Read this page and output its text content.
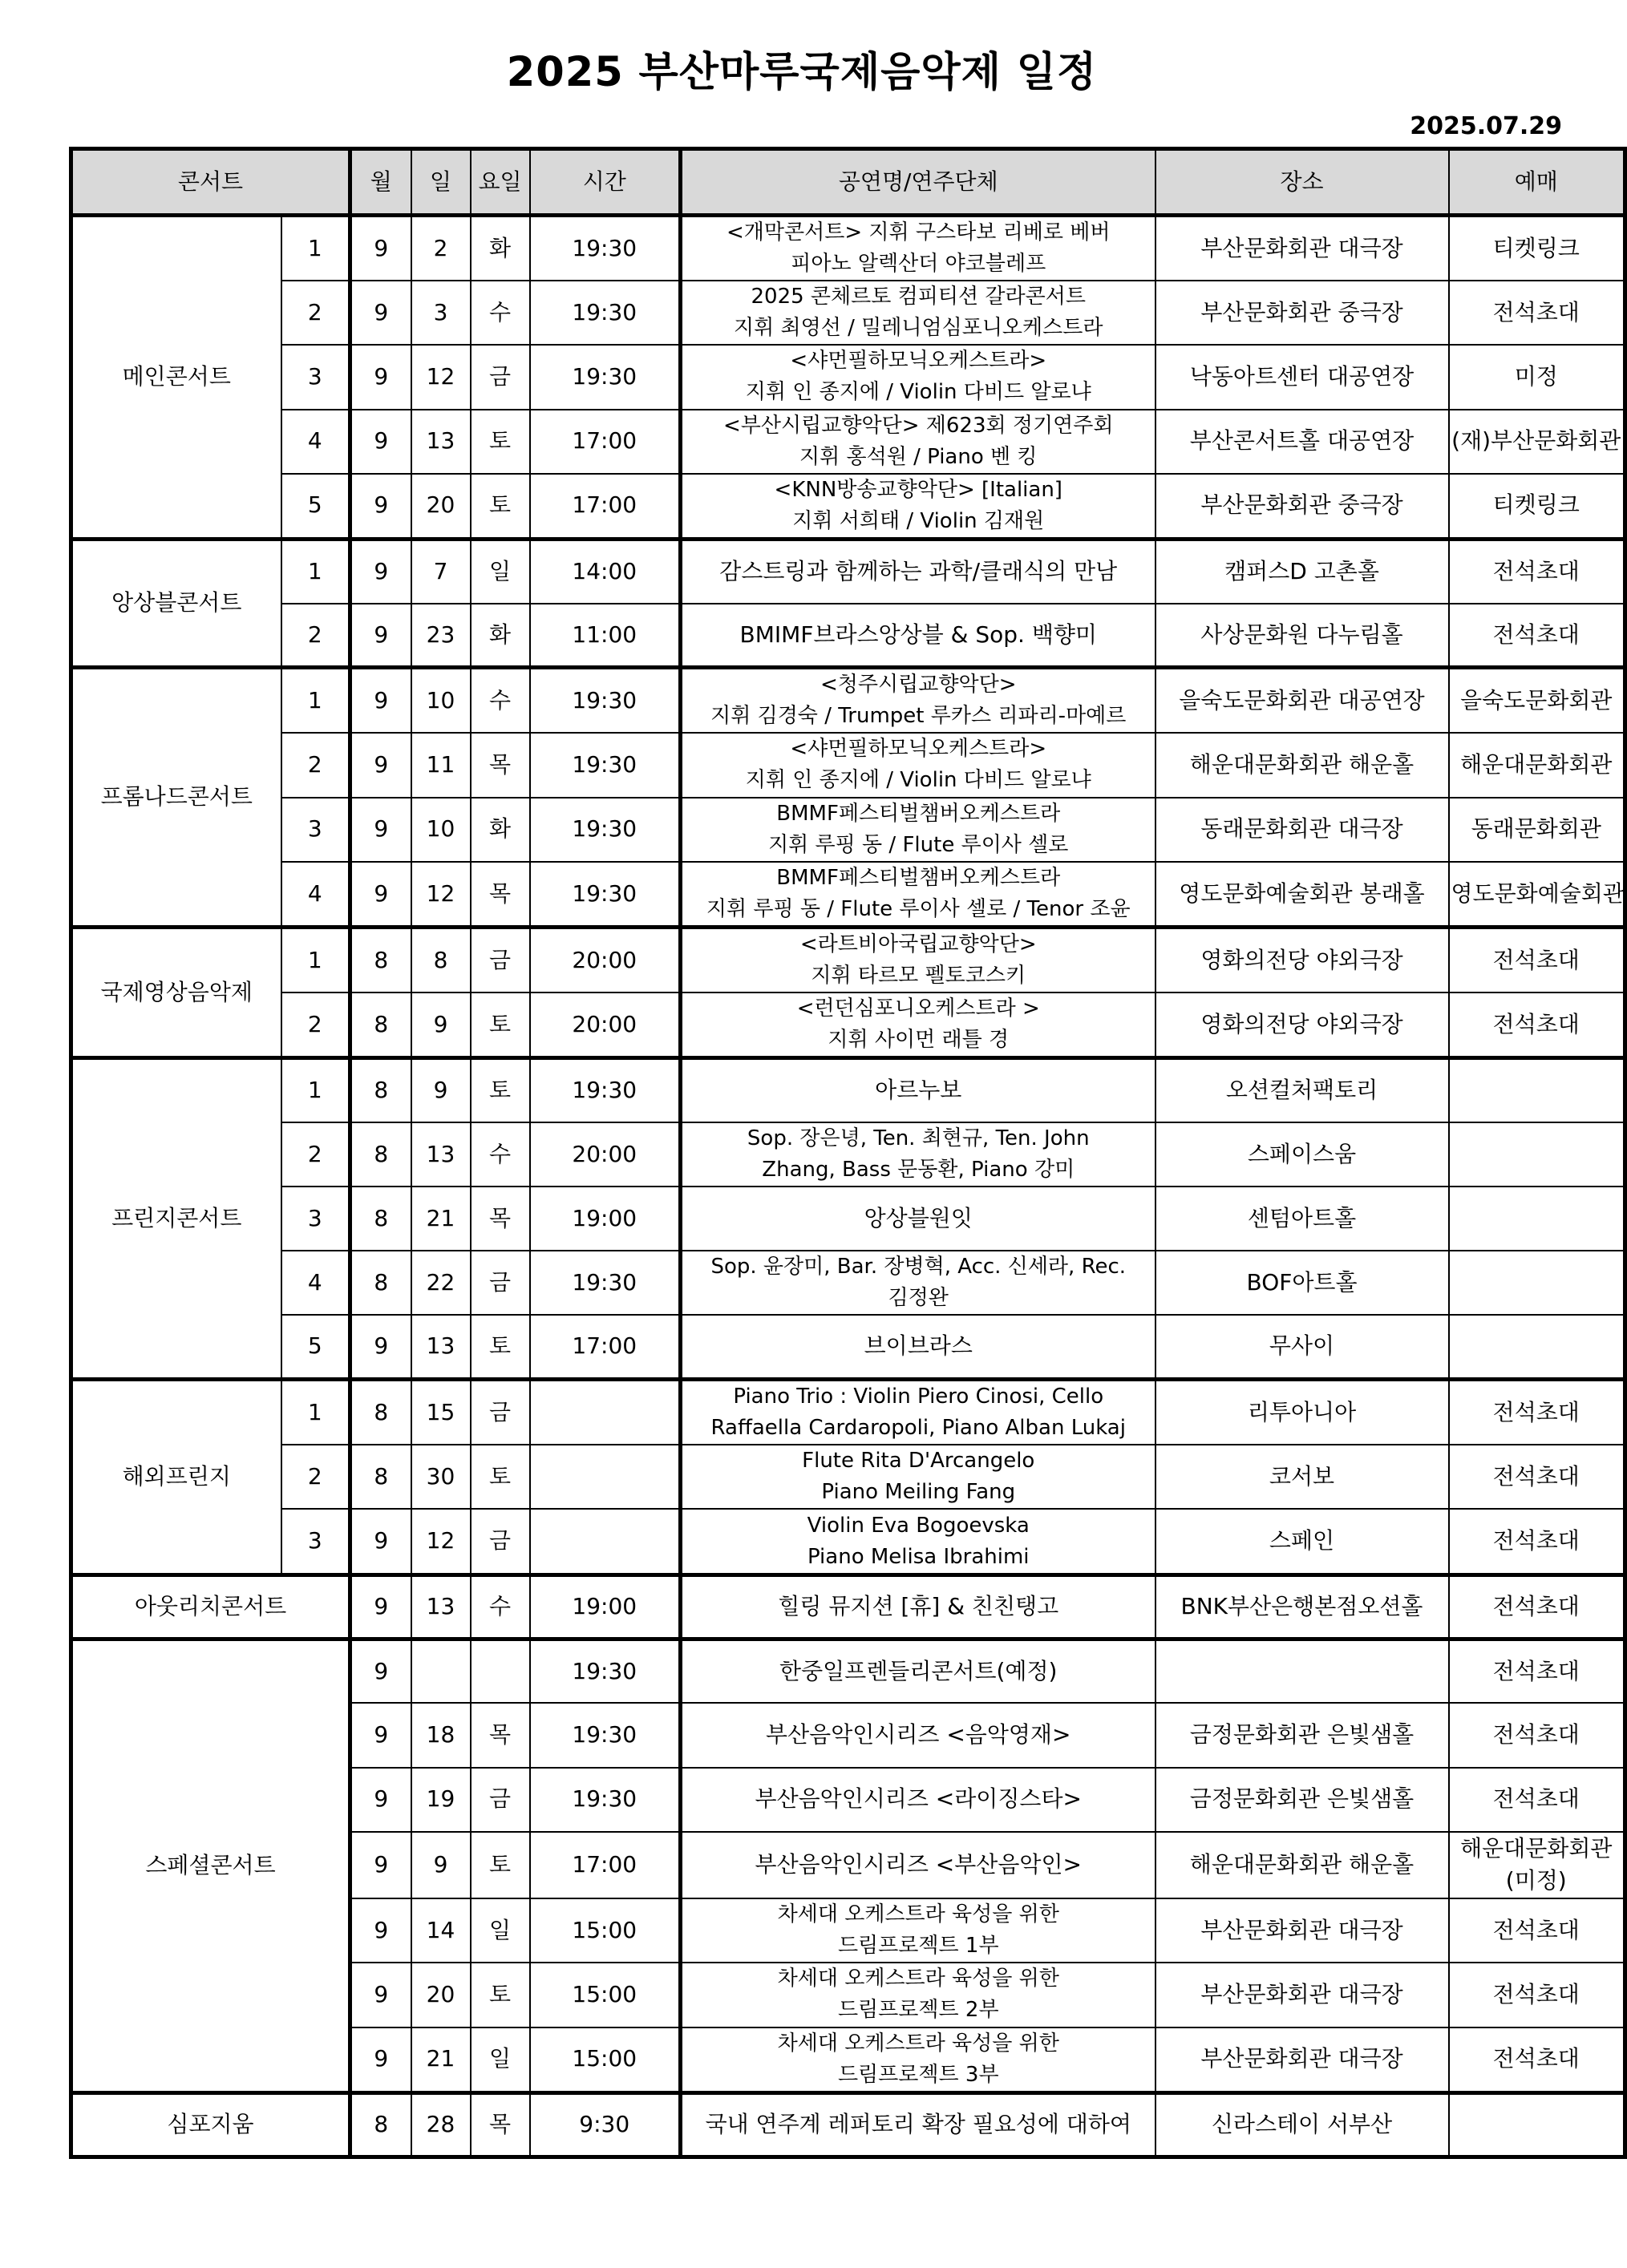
2025 부산마루국제음악제 일정
2025.07.29
콘서트		월	일	요일	시간	공연명/연주단체	장소	예매
메인콘서트	1	9	2	화	19:30	<개막콘서트> 지휘 구스타보 리베로 베버
피아노 알렉산더 야코블레프	부산문화회관 대극장	티켓링크
	2	9	3	수	19:30	2025 콘체르토 컴피티션 갈라콘서트
지휘 최영선 / 밀레니엄심포니오케스트라	부산문화회관 중극장	전석초대
	3	9	12	금	19:30	<샤먼필하모닉오케스트라>
지휘 인 종지에 / Violin 다비드 알로냐	낙동아트센터 대공연장	미정
	4	9	13	토	17:00	<부산시립교향악단> 제623회 정기연주회
지휘 홍석원 / Piano 벤 킹	부산콘서트홀 대공연장	(재)부산문화회관
	5	9	20	토	17:00	<KNN방송교향악단> [Italian]
지휘 서희태 / Violin 김재원	부산문화회관 중극장	티켓링크
앙상블콘서트	1	9	7	일	14:00	감스트링과 함께하는 과학/클래식의 만남	캠퍼스D 고촌홀	전석초대
	2	9	23	화	11:00	BMIMF브라스앙상블 & Sop. 백향미	사상문화원 다누림홀	전석초대
프롬나드콘서트	1	9	10	수	19:30	<청주시립교향악단>
지휘 김경숙 / Trumpet 루카스 리파리-마예르	을숙도문화회관 대공연장	을숙도문화회관
	2	9	11	목	19:30	<샤먼필하모닉오케스트라>
지휘 인 종지에 / Violin 다비드 알로냐	해운대문화회관 해운홀	해운대문화회관
	3	9	10	화	19:30	BMMF페스티벌챔버오케스트라
지휘 루핑 동 / Flute 루이사 셀로	동래문화회관 대극장	동래문화회관
	4	9	12	목	19:30	BMMF페스티벌챔버오케스트라
지휘 루핑 동 / Flute 루이사 셀로 / Tenor 조윤	영도문화예술회관 봉래홀	영도문화예술회관
국제영상음악제	1	8	8	금	20:00	<라트비아국립교향악단>
지휘 타르모 펠토코스키	영화의전당 야외극장	전석초대
	2	8	9	토	20:00	<런던심포니오케스트라 >
지휘 사이먼 래틀 경	영화의전당 야외극장	전석초대
프린지콘서트	1	8	9	토	19:30	아르누보	오션컬처팩토리	
	2	8	13	수	20:00	Sop. 장은녕, Ten. 최현규, Ten. John
Zhang, Bass 문동환, Piano 강미	스페이스움	
	3	8	21	목	19:00	앙상블원잇	센텀아트홀	
	4	8	22	금	19:30	Sop. 윤장미, Bar. 장병혁, Acc. 신세라, Rec.
김정완	BOF아트홀	
	5	9	13	토	17:00	브이브라스	무사이	
해외프린지	1	8	15	금		Piano Trio : Violin Piero Cinosi, Cello
Raffaella Cardaropoli, Piano Alban Lukaj	리투아니아	전석초대
	2	8	30	토		Flute Rita D'Arcangelo
Piano Meiling Fang	코서보	전석초대
	3	9	12	금		Violin Eva Bogoevska
Piano Melisa Ibrahimi	스페인	전석초대
아웃리치콘서트		9	13	수	19:00	힐링 뮤지션 [휴] & 친친탱고	BNK부산은행본점오션홀	전석초대
스페셜콘서트		9			19:30	한중일프렌들리콘서트(예정)		전석초대
		9	18	목	19:30	부산음악인시리즈 <음악영재>	금정문화회관 은빛샘홀	전석초대
		9	19	금	19:30	부산음악인시리즈 <라이징스타>	금정문화회관 은빛샘홀	전석초대
		9	9	토	17:00	부산음악인시리즈 <부산음악인>	해운대문화회관 해운홀	해운대문화회관 (미정)
		9	14	일	15:00	차세대 오케스트라 육성을 위한
드림프로젝트 1부	부산문화회관 대극장	전석초대
		9	20	토	15:00	차세대 오케스트라 육성을 위한
드림프로젝트 2부	부산문화회관 대극장	전석초대
		9	21	일	15:00	차세대 오케스트라 육성을 위한
드림프로젝트 3부	부산문화회관 대극장	전석초대
심포지움		8	28	목	9:30	국내 연주계 레퍼토리 확장 필요성에 대하여	신라스테이 서부산	
